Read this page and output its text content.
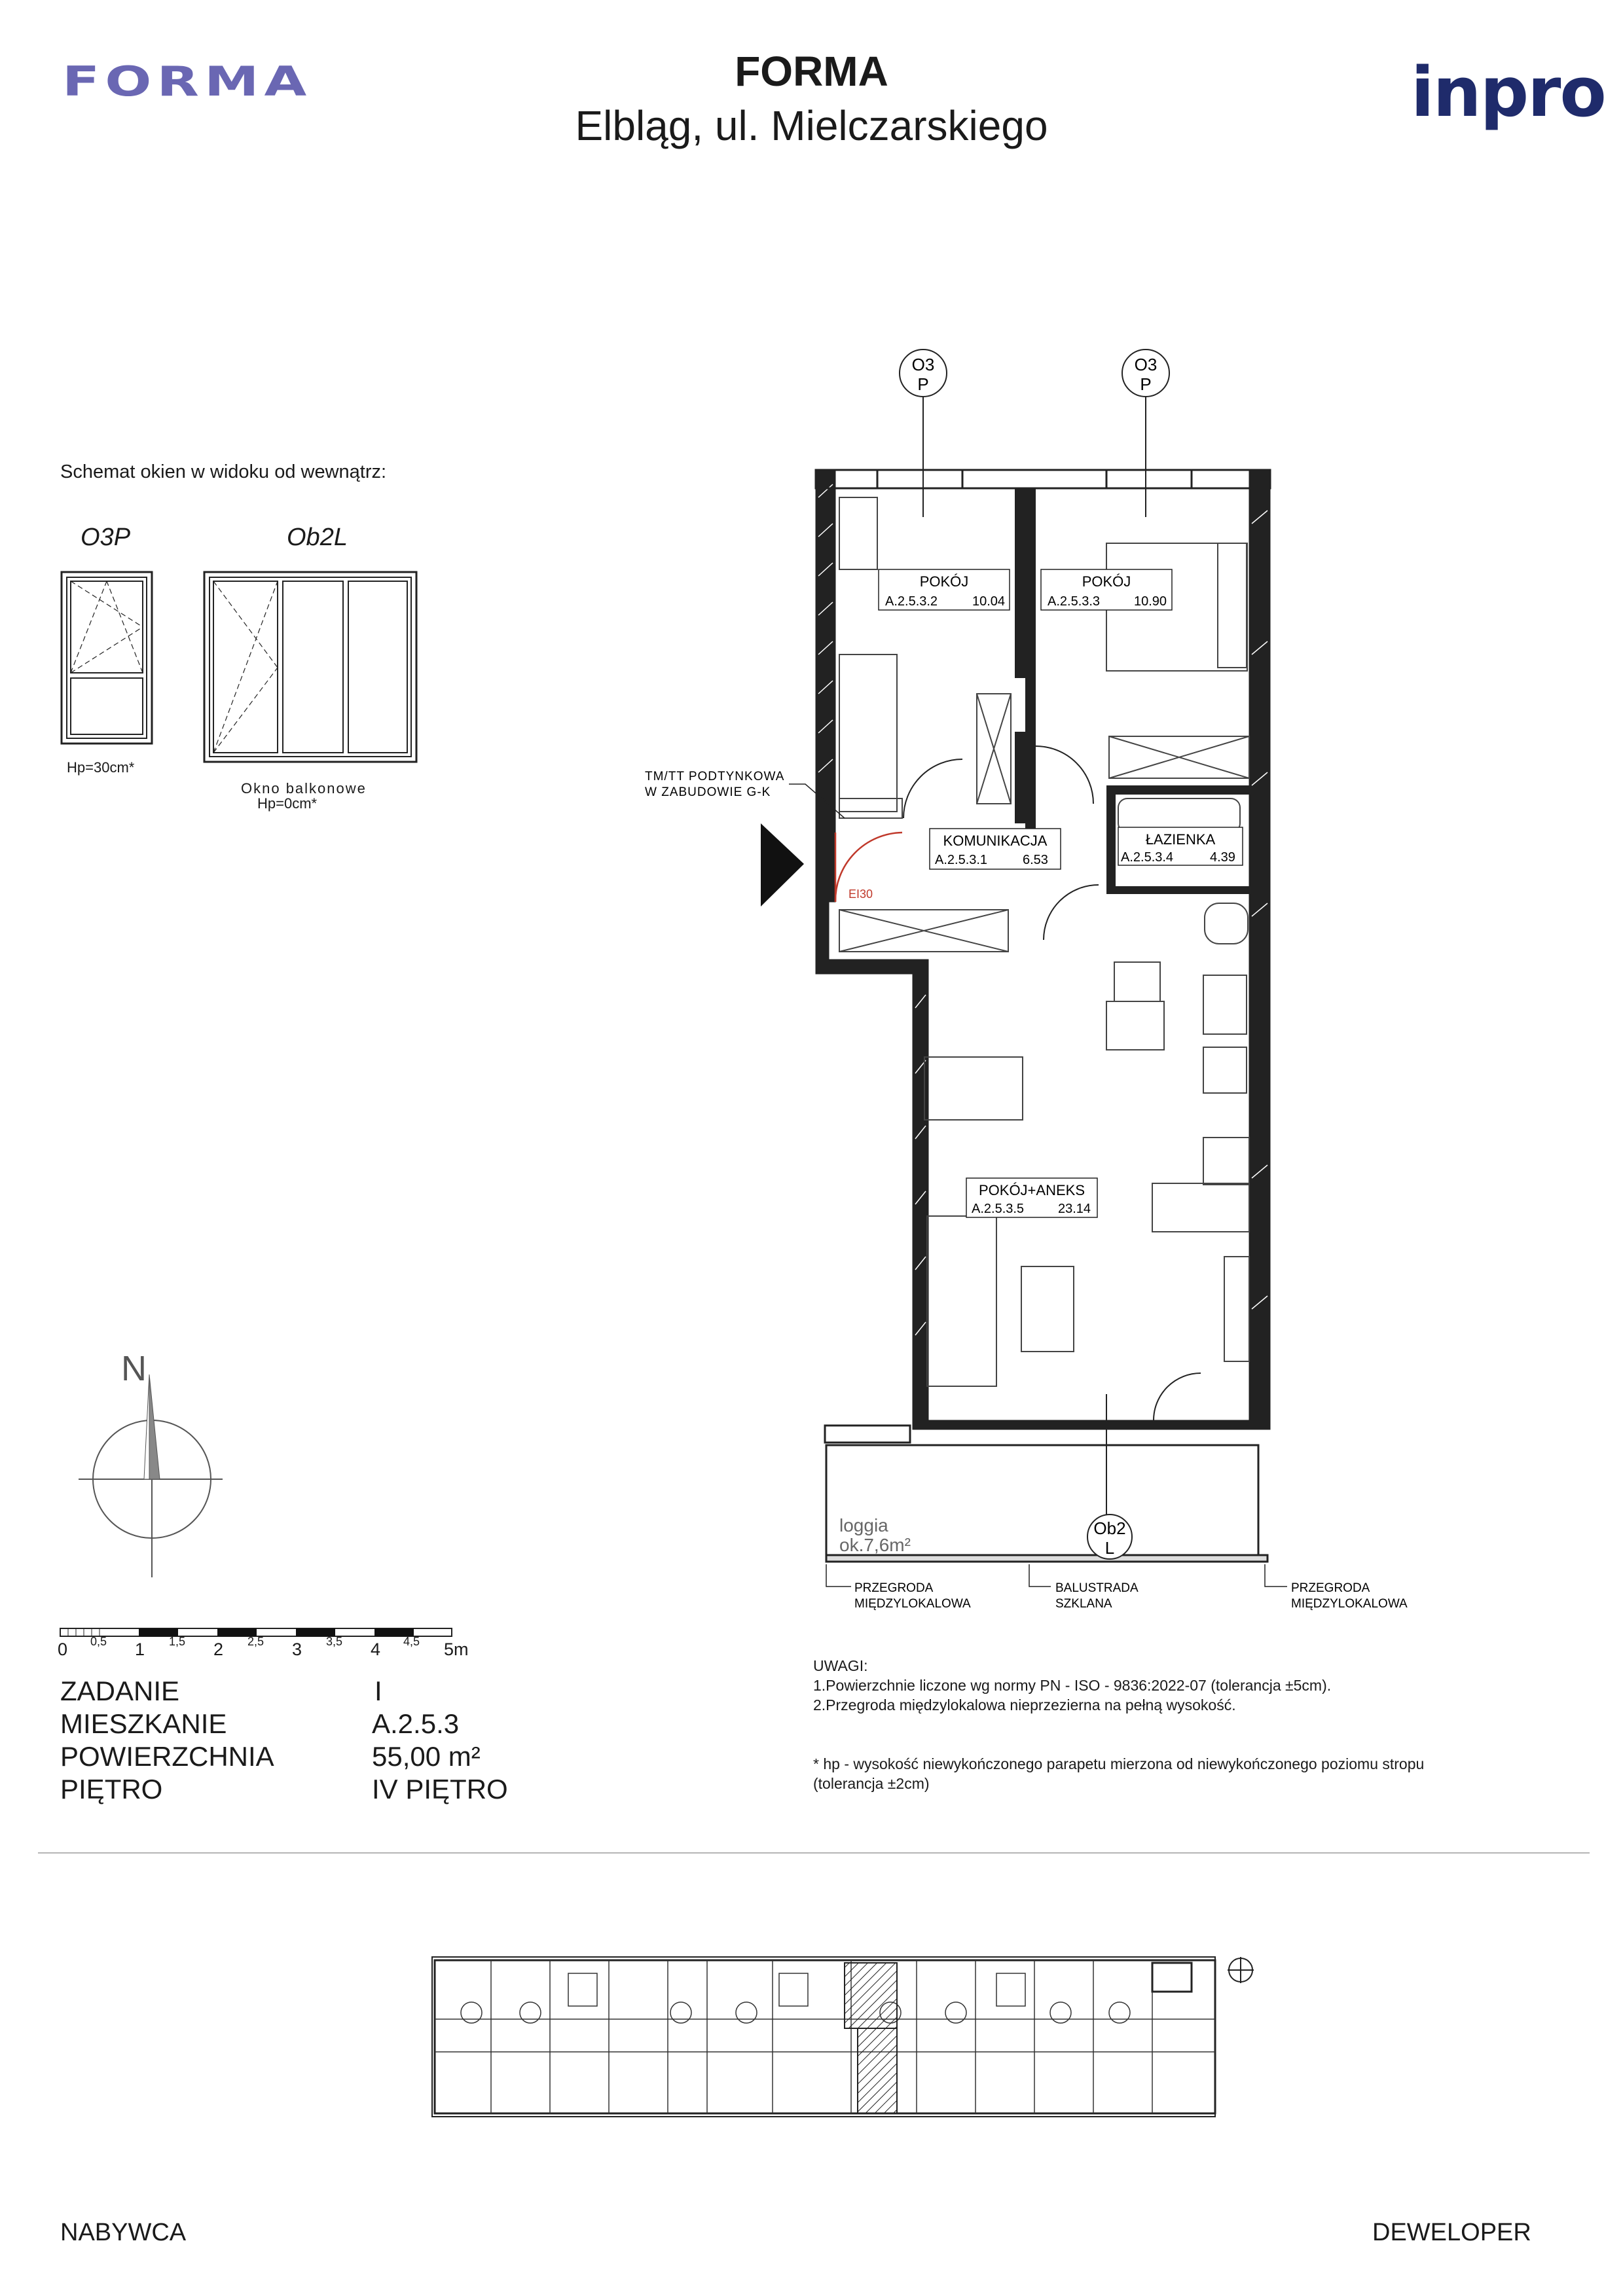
FORMA	FORMA
Elbląg, ul. Mielczarskiego	inpro
Schemat okien w widoku od wewnątrz:
O3P	Ob2L
Hp=30cm*
Okno balkonowe
Hp=0cm*
POKÓJ
A.2.5.3.2	10.04
POKÓJ
A.2.5.3.3	10.90
KOMUNIKACJA
A.2.5.3.1	6.53
ŁAZIENKA
A.2.5.3.4	4.39
POKÓJ+ANEKS
A.2.5.3.5	23.14
O3
P
O3
P
Ob2
L
TM/TT PODTYNKOWA
W ZABUDOWIE G-K
EI30
loggia
ok.7,6m²
PRZEGRODA
MIĘDZYLOKALOWA
BALUSTRADA
SZKLANA
PRZEGRODA
MIĘDZYLOKALOWA
N
0	1	2	3	4	5m
0,5	1,5	2,5	3,5	4,5
ZADANIE	I
MIESZKANIE	A.2.5.3
POWIERZCHNIA	55,00 m²
PIĘTRO	IV PIĘTRO
UWAGI:
1.Powierzchnie liczone wg normy PN - ISO - 9836:2022-07 (tolerancja ±5cm).
2.Przegroda międzylokalowa nieprzezierna na pełną wysokość.
* hp - wysokość niewykończonego parapetu mierzona od niewykończonego poziomu stropu
(tolerancja ±2cm)
NABYWCA	DEWELOPER
